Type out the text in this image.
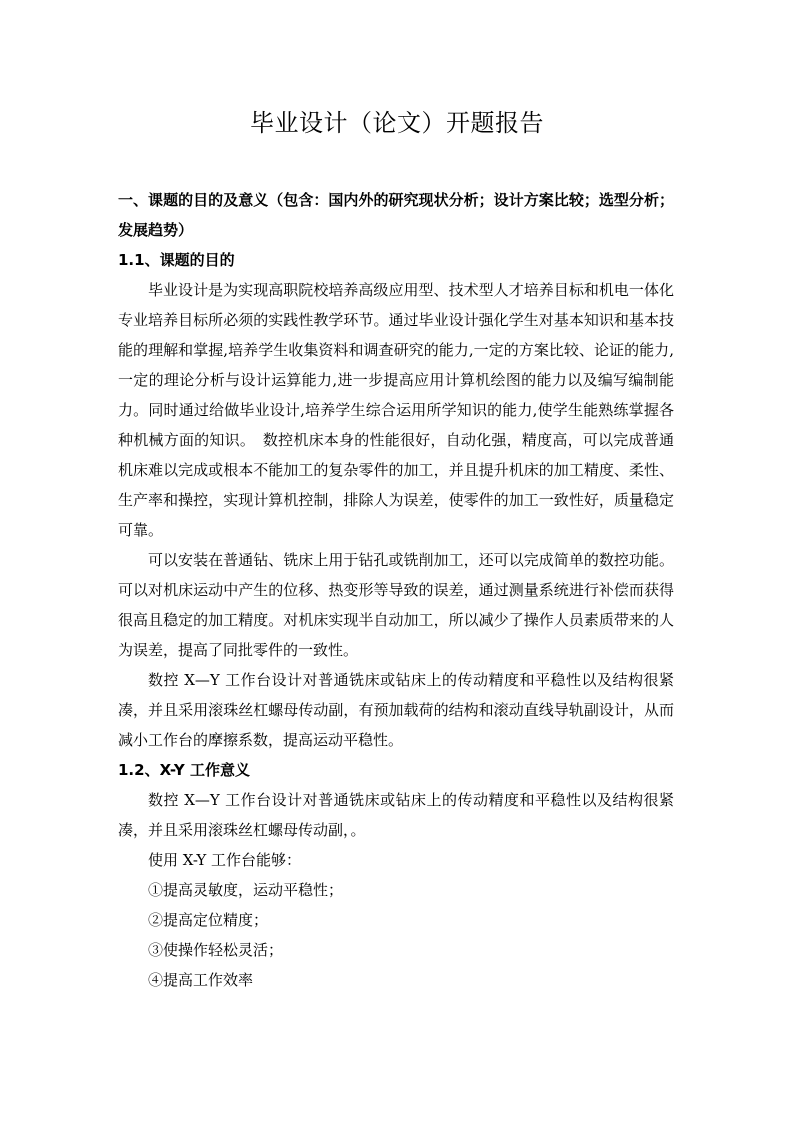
毕业设计（论文）开题报告

一、课题的目的及意义（包含：国内外的研究现状分析；设计方案比较；选型分析；发展趋势）

1.1、课题的目的

毕业设计是为实现高职院校培养高级应用型、技术型人才培养目标和机电一体化专业培养目标所必须的实践性教学环节。通过毕业设计强化学生对基本知识和基本技能的理解和掌握,培养学生收集资料和调查研究的能力,一定的方案比较、论证的能力,一定的理论分析与设计运算能力,进一步提高应用计算机绘图的能力以及编写编制能力。同时通过给做毕业设计,培养学生综合运用所学知识的能力,使学生能熟练掌握各种机械方面的知识。　数控机床本身的性能很好，自动化强，精度高，可以完成普通机床难以完成或根本不能加工的复杂零件的加工，并且提升机床的加工精度、柔性、生产率和操控，实现计算机控制，排除人为误差，使零件的加工一致性好，质量稳定可靠。

可以安装在普通钻、铣床上用于钻孔或铣削加工，还可以完成简单的数控功能。可以对机床运动中产生的位移、热变形等导致的误差，通过测量系统进行补偿而获得很高且稳定的加工精度。对机床实现半自动加工，所以减少了操作人员素质带来的人为误差，提高了同批零件的一致性。

数控 X—Y 工作台设计对普通铣床或钻床上的传动精度和平稳性以及结构很紧凑，并且采用滚珠丝杠螺母传动副，有预加载荷的结构和滚动直线导轨副设计，从而减小工作台的摩擦系数，提高运动平稳性。

1.2、X-Y 工作意义

数控 X—Y 工作台设计对普通铣床或钻床上的传动精度和平稳性以及结构很紧凑，并且采用滚珠丝杠螺母传动副，。

使用 X-Y 工作台能够：

①提高灵敏度，运动平稳性；

②提高定位精度；

③使操作轻松灵活；

④提高工作效率
